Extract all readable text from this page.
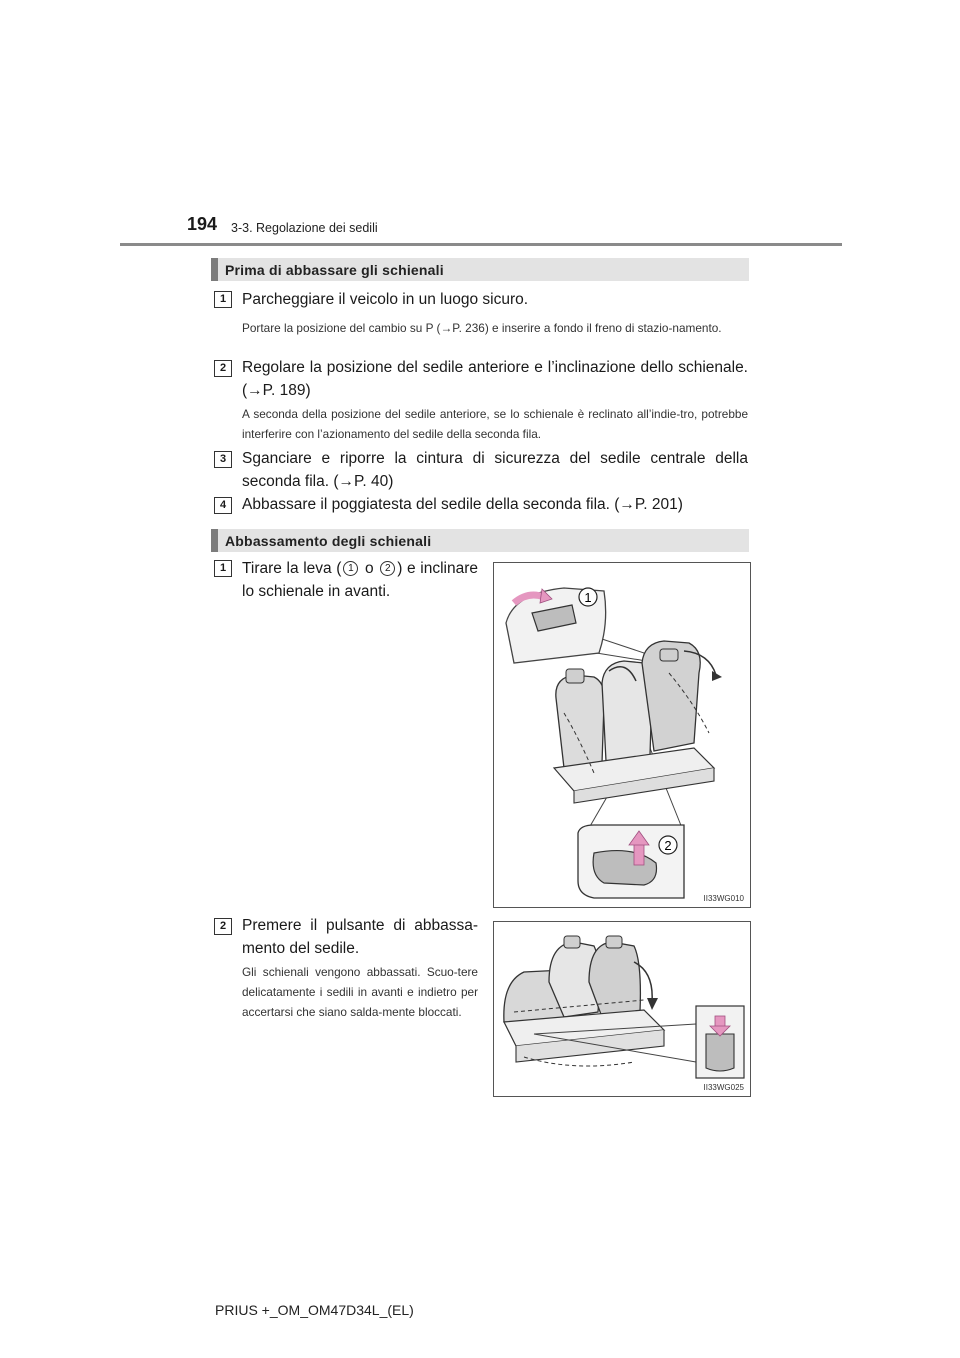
194 3-3. Regolazione dei sedili
Prima di abbassare gli schienali
1	Parcheggiare il veicolo in un luogo sicuro.
Portare la posizione del cambio su P (→P. 236) e inserire a fondo il freno di stazio-namento.
2	Regolare la posizione del sedile anteriore e l’inclinazione dello schienale. (→P. 189)
A seconda della posizione del sedile anteriore, se lo schienale è reclinato all’indie-tro, potrebbe interferire con l’azionamento del sedile della seconda fila.
3	Sganciare e riporre la cintura di sicurezza del sedile centrale della seconda fila. (→P. 40)
4	Abbassare il poggiatesta del sedile della seconda fila. (→P. 201)
Abbassamento degli schienali
1	Tirare la leva ( 1 o 2 ) e inclinare lo schienale in avanti.	1
2
II33WG010
2	Premere il pulsante di abbassa-mento del sedile.
Gli schienali vengono abbassati. Scuo-tere delicatamente i sedili in avanti e indietro per accertarsi che siano salda-mente bloccati.
II33WG025
PRIUS +_OM_OM47D34L_(EL)
